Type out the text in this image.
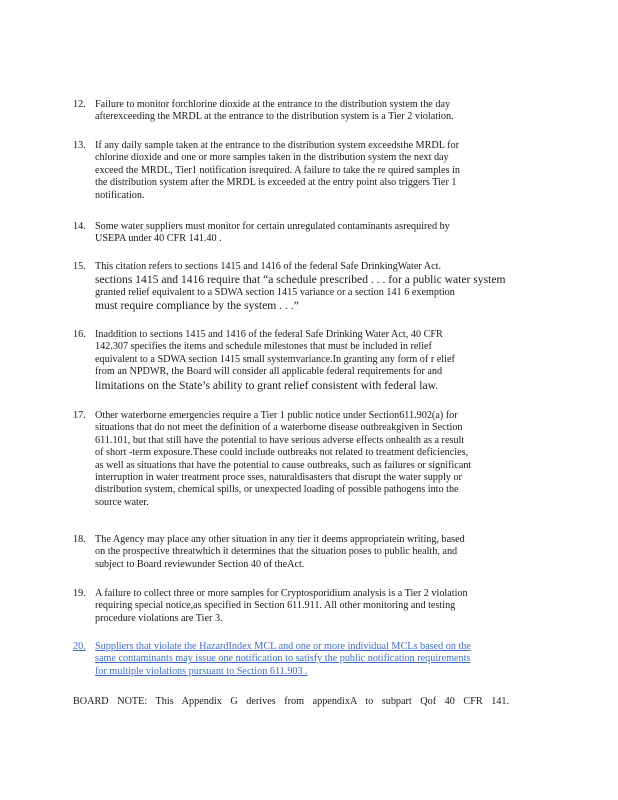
12. Failure to monitor forchlorine dioxide at the entrance to the distribution system the day
afterexceeding the MRDL at the entrance to the distribution system is a Tier 2 violation.
13. If any daily sample taken at the entrance to the distribution system exceedsthe MRDL for
chlorine dioxide and one or more samples taken in the distribution system the next day
exceed the MRDL, Tier1 notification isrequired. A failure to take the re quired samples in
the distribution system after the MRDL is exceeded at the entry point also triggers Tier 1
notification.
14. Some water suppliers must monitor for certain unregulated contaminants asrequired by
USEPA under 40 CFR 141.40 .
15. This citation refers to sections 1415 and 1416 of the federal Safe DrinkingWater Act.
sections 1415 and 1416 require that “a schedule prescribed . . . for a public water system
granted relief equivalent to a SDWA section 1415 variance or a section 141 6 exemption
must require compliance by the system . . .”
16. Inaddition to sections 1415 and 1416 of the federal Safe Drinking Water Act, 40 CFR
142.307 specifies the items and schedule milestones that must be included in relief
equivalent to a SDWA section 1415 small systemvariance.In granting any form of r elief
from an NPDWR, the Board will consider all applicable federal requirements for and
limitations on the State’s ability to grant relief consistent with federal law.
17. Other waterborne emergencies require a Tier 1 public notice under Section611.902(a) for
situations that do not meet the definition of a waterborne disease outbreakgiven in Section
611.101, but that still have the potential to have serious adverse effects onhealth as a result
of short -term exposure.These could include outbreaks not related to treatment deficiencies,
as well as situations that have the potential to cause outbreaks, such as failures or significant
interruption in water treatment proce sses, naturaldisasters that disrupt the water supply or
distribution system, chemical spills, or unexpected loading of possible pathogens into the
source water.
18. The Agency may place any other situation in any tier it deems appropriatein writing, based
on the prospective threatwhich it determines that the situation poses to public health, and
subject to Board reviewunder Section 40 of theAct.
19. A failure to collect three or more samples for Cryptosporidium analysis is a Tier 2 violation
requiring special notice,as specified in Section 611.911. All other monitoring and testing
procedure violations are Tier 3.
20. Suppliers that violate the HazardIndex MCL and one or more individual MCLs based on the
same contaminants may issue one notification to satisfy the public notification requirements
for multiple violations pursuant to Section 611.903 .
BOARD NOTE: This Appendix G derives from appendixA to subpart Qof 40 CFR 141.
